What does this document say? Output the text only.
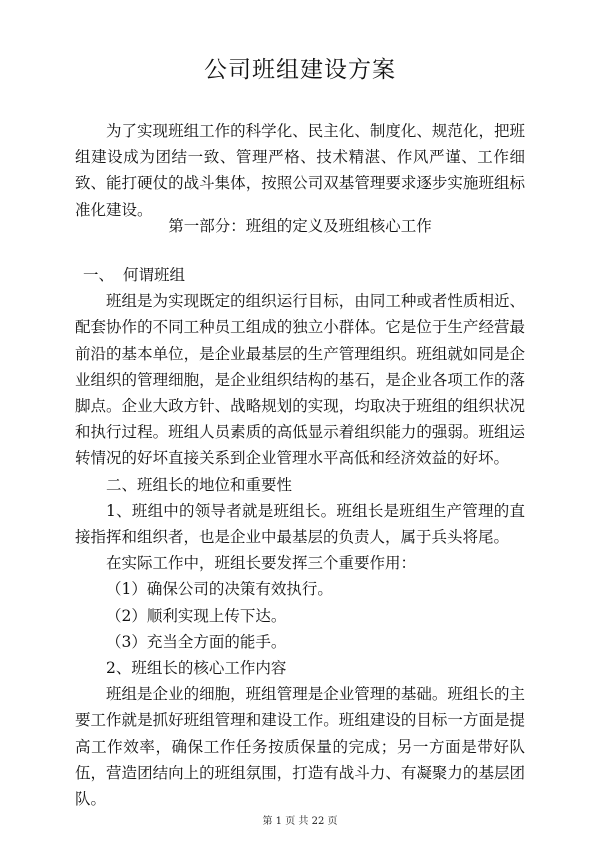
公司班组建设方案

为了实现班组工作的科学化、民主化、制度化、规范化，把班组建设成为团结一致、管理严格、技术精湛、作风严谨、工作细致、能打硬仗的战斗集体，按照公司双基管理要求逐步实施班组标准化建设。

第一部分：班组的定义及班组核心工作

一、 何谓班组

班组是为实现既定的组织运行目标，由同工种或者性质相近、配套协作的不同工种员工组成的独立小群体。它是位于生产经营最前沿的基本单位，是企业最基层的生产管理组织。班组就如同是企业组织的管理细胞，是企业组织结构的基石，是企业各项工作的落脚点。企业大政方针、战略规划的实现，均取决于班组的组织状况和执行过程。班组人员素质的高低显示着组织能力的强弱。班组运转情况的好坏直接关系到企业管理水平高低和经济效益的好坏。

二、班组长的地位和重要性

1、班组中的领导者就是班组长。班组长是班组生产管理的直接指挥和组织者，也是企业中最基层的负责人，属于兵头将尾。

在实际工作中，班组长要发挥三个重要作用：

（1）确保公司的决策有效执行。

（2）顺利实现上传下达。

（3）充当全方面的能手。

2、班组长的核心工作内容

班组是企业的细胞，班组管理是企业管理的基础。班组长的主要工作就是抓好班组管理和建设工作。班组建设的目标一方面是提高工作效率，确保工作任务按质保量的完成；另一方面是带好队伍，营造团结向上的班组氛围，打造有战斗力、有凝聚力的基层团队。

第 1 页 共 22 页
